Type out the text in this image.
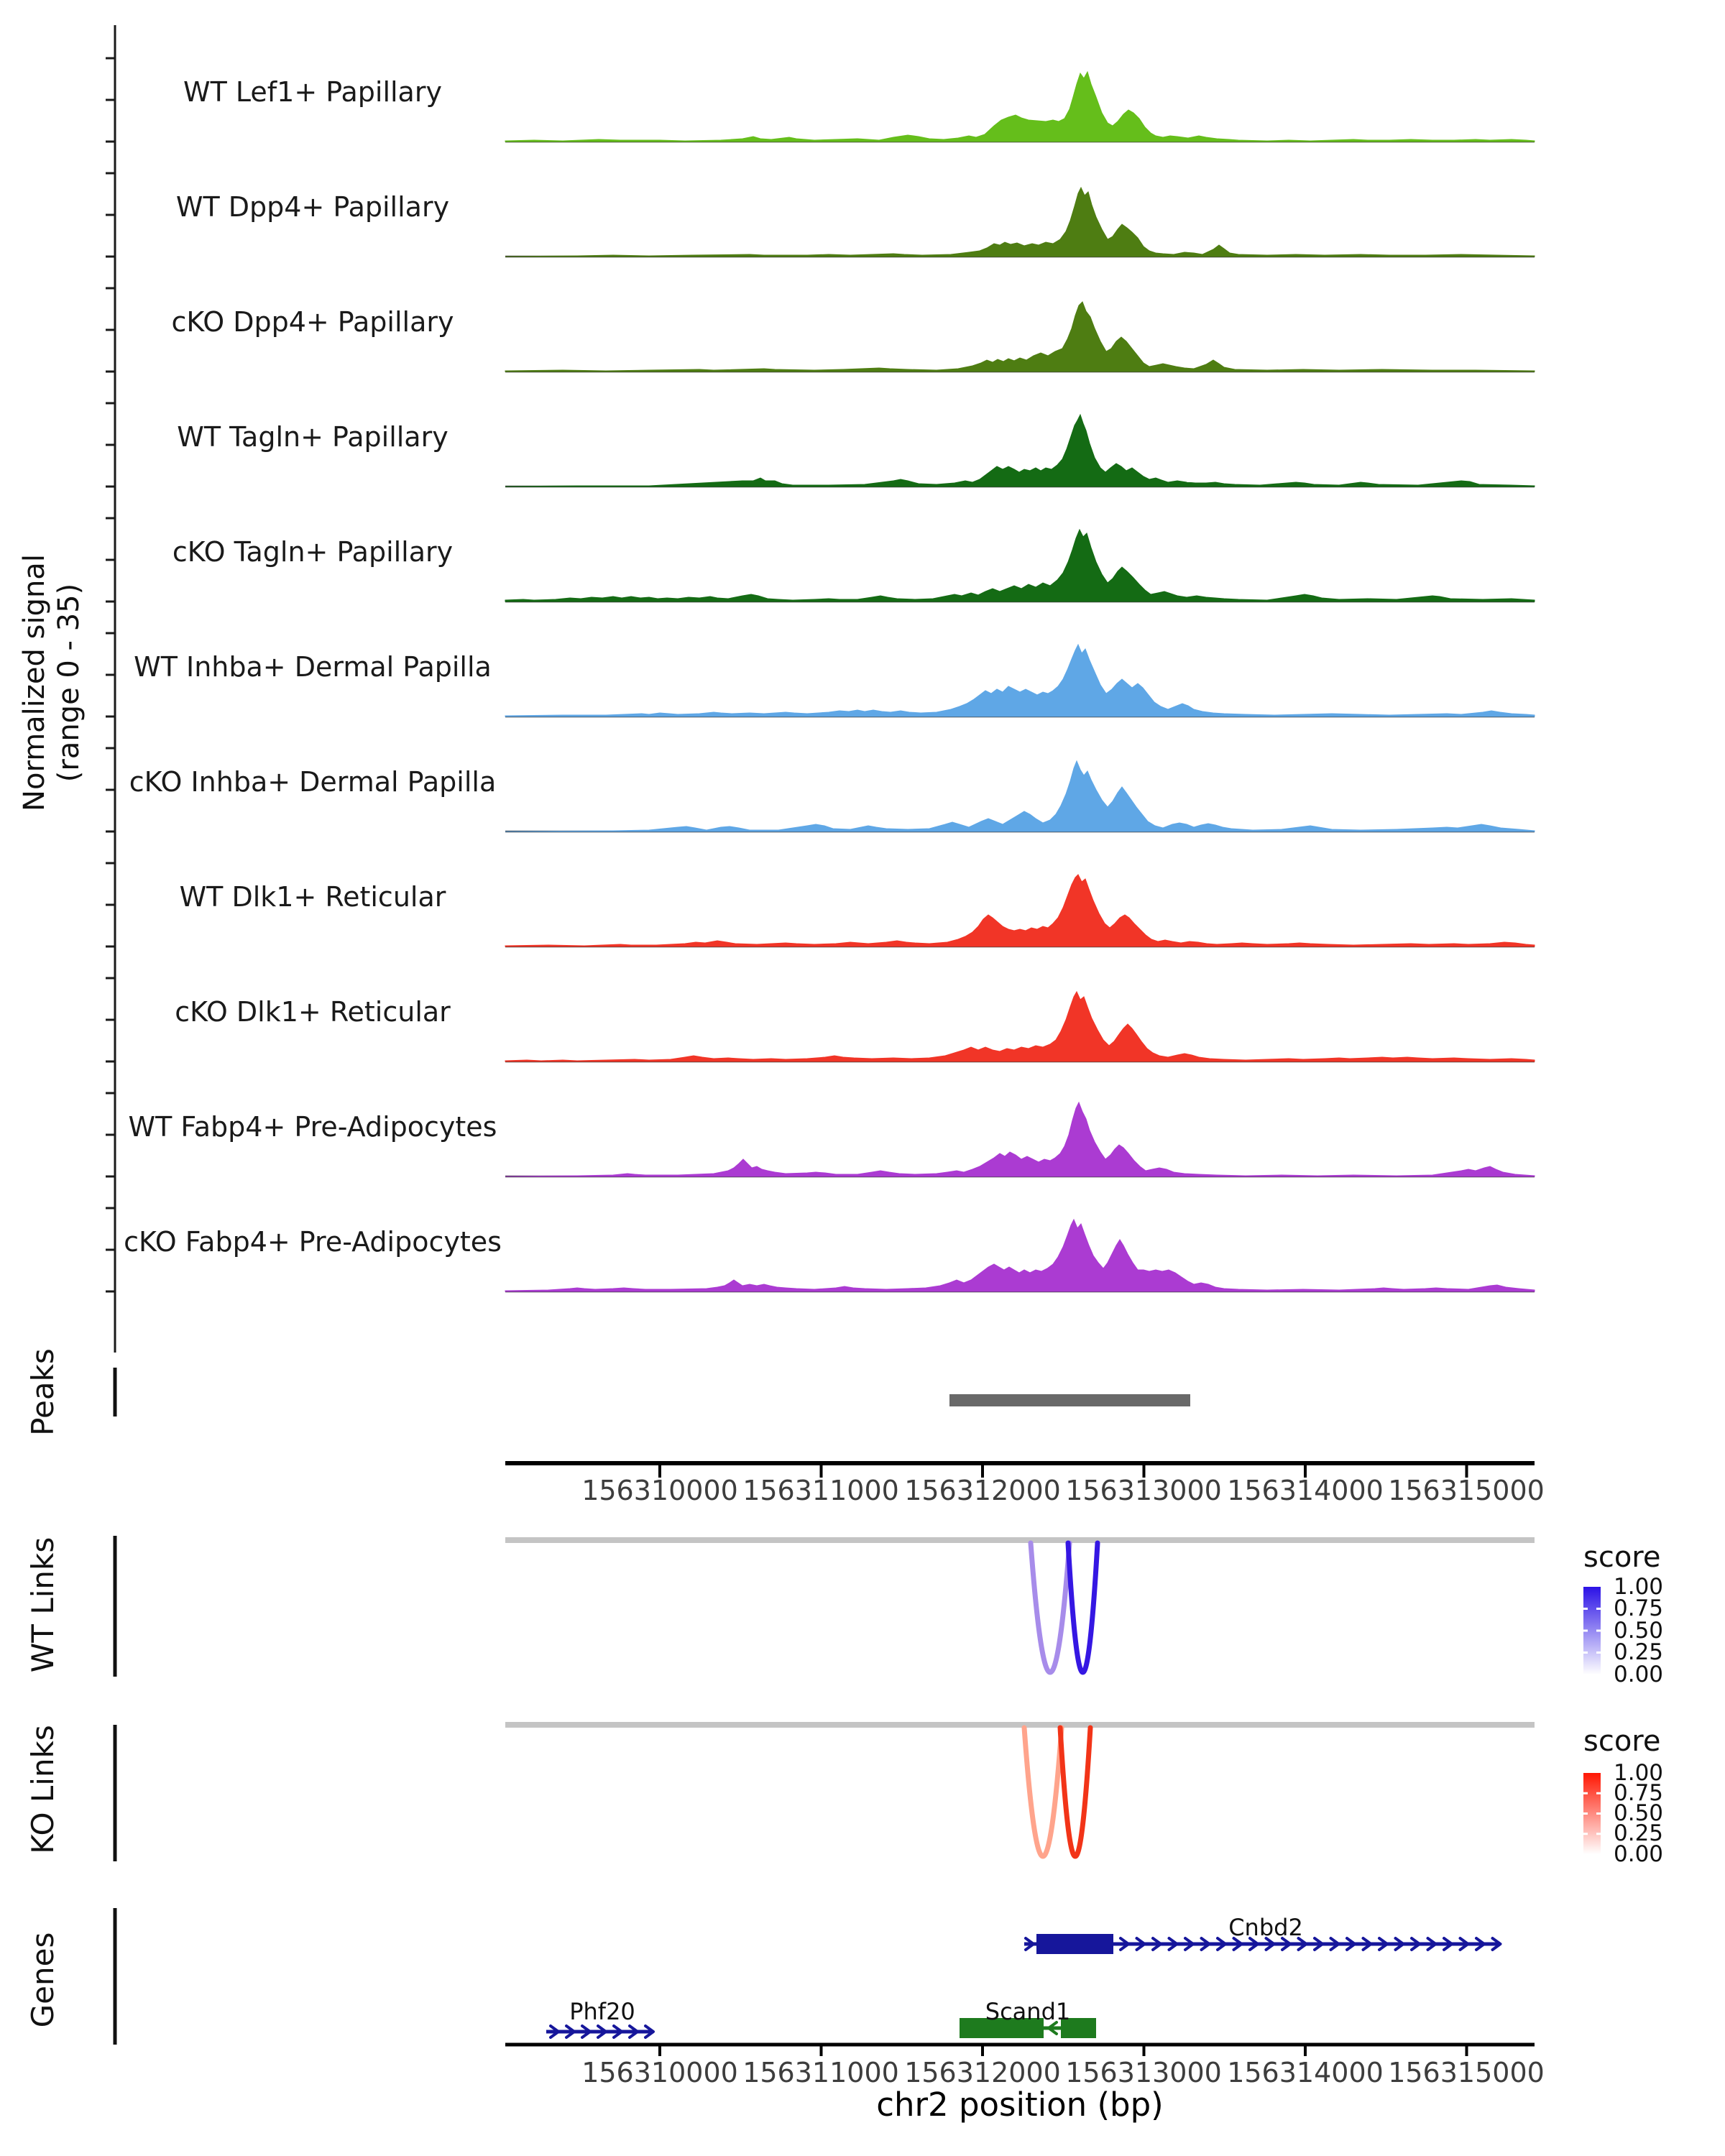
Normalized signal (range 0 - 35)
WT Lef1+ Papillary
WT Dpp4+ Papillary
cKO Dpp4+ Papillary
WT Tagln+ Papillary
cKO Tagln+ Papillary
WT Inhba+ Dermal Papilla
cKO Inhba+ Dermal Papilla
WT Dlk1+ Reticular
cKO Dlk1+ Reticular
WT Fabp4+ Pre-Adipocytes
cKO Fabp4+ Pre-Adipocytes
Peaks
WT Links
KO Links
Genes
156310000 156311000 156312000 156313000 156314000 156315000
score
1.00
0.75
0.50
0.25
0.00
score
1.00
0.75
0.50
0.25
0.00
Phf20	Scand1
Cnbd2
156310000 156311000 156312000 156313000 156314000 156315000
chr2 position (bp)
